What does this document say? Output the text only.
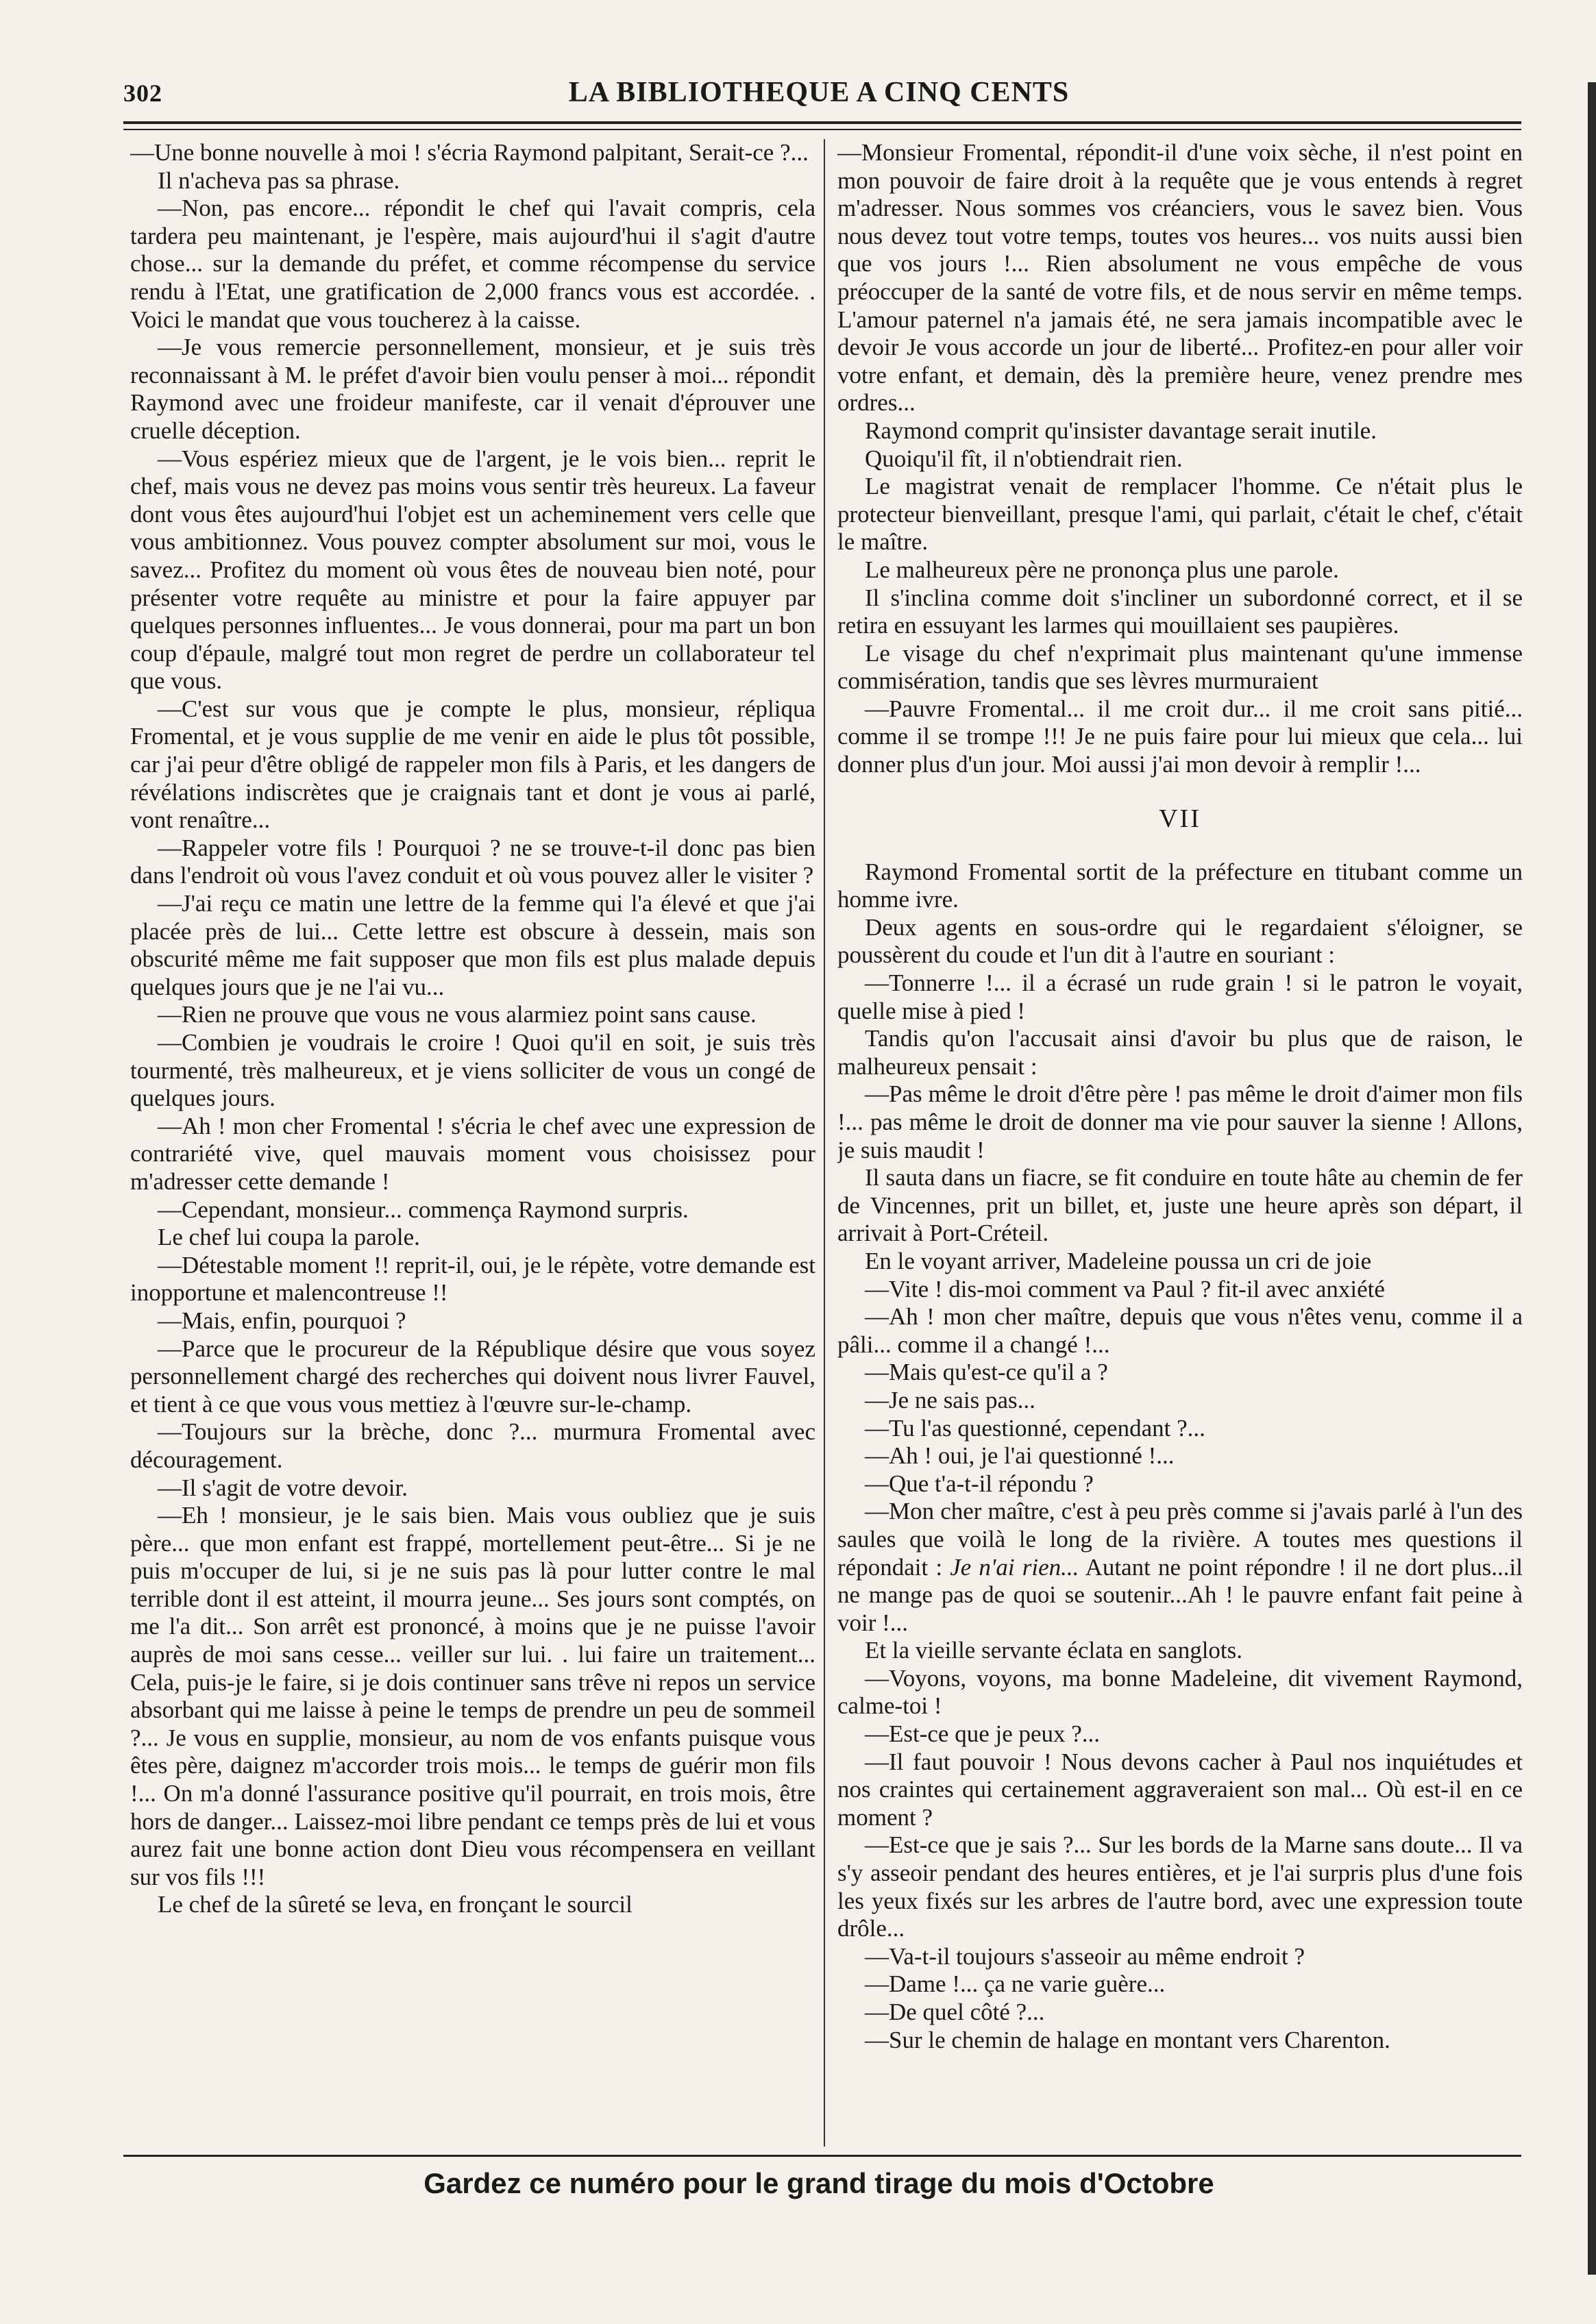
302	LA BIBLIOTHEQUE A CINQ CENTS

—Une bonne nouvelle à moi ! s'écria Raymond palpitant, Serait-ce ?...

Il n'acheva pas sa phrase.

—Non, pas encore... répondit le chef qui l'avait compris, cela tardera peu maintenant, je l'espère, mais aujourd'hui il s'agit d'autre chose... sur la demande du préfet, et comme récompense du service rendu à l'Etat, une gratification de 2,000 francs vous est accordée. . Voici le mandat que vous toucherez à la caisse.

—Je vous remercie personnellement, monsieur, et je suis très reconnaissant à M. le préfet d'avoir bien voulu penser à moi... répondit Raymond avec une froideur manifeste, car il venait d'éprouver une cruelle déception.

—Vous espériez mieux que de l'argent, je le vois bien... reprit le chef, mais vous ne devez pas moins vous sentir très heureux. La faveur dont vous êtes aujourd'hui l'objet est un acheminement vers celle que vous ambitionnez. Vous pouvez compter absolument sur moi, vous le savez... Profitez du moment où vous êtes de nouveau bien noté, pour présenter votre requête au ministre et pour la faire appuyer par quelques personnes influentes... Je vous donnerai, pour ma part un bon coup d'épaule, malgré tout mon regret de perdre un collaborateur tel que vous.

—C'est sur vous que je compte le plus, monsieur, répliqua Fromental, et je vous supplie de me venir en aide le plus tôt possible, car j'ai peur d'être obligé de rappeler mon fils à Paris, et les dangers de révélations indiscrètes que je craignais tant et dont je vous ai parlé, vont renaître...

—Rappeler votre fils ! Pourquoi ? ne se trouve-t-il donc pas bien dans l'endroit où vous l'avez conduit et où vous pouvez aller le visiter ?

—J'ai reçu ce matin une lettre de la femme qui l'a élevé et que j'ai placée près de lui... Cette lettre est obscure à dessein, mais son obscurité même me fait supposer que mon fils est plus malade depuis quelques jours que je ne l'ai vu...

—Rien ne prouve que vous ne vous alarmiez point sans cause.

—Combien je voudrais le croire ! Quoi qu'il en soit, je suis très tourmenté, très malheureux, et je viens solliciter de vous un congé de quelques jours.

—Ah ! mon cher Fromental ! s'écria le chef avec une expression de contrariété vive, quel mauvais moment vous choisissez pour m'adresser cette demande !

—Cependant, monsieur... commença Raymond surpris.

Le chef lui coupa la parole.

—Détestable moment !! reprit-il, oui, je le répète, votre demande est inopportune et malencontreuse !!

—Mais, enfin, pourquoi ?

—Parce que le procureur de la République désire que vous soyez personnellement chargé des recherches qui doivent nous livrer Fauvel, et tient à ce que vous vous mettiez à l'œuvre sur-le-champ.

—Toujours sur la brèche, donc ?... murmura Fromental avec découragement.

—Il s'agit de votre devoir.

—Eh ! monsieur, je le sais bien. Mais vous oubliez que je suis père... que mon enfant est frappé, mortellement peut-être... Si je ne puis m'occuper de lui, si je ne suis pas là pour lutter contre le mal terrible dont il est atteint, il mourra jeune... Ses jours sont comptés, on me l'a dit... Son arrêt est prononcé, à moins que je ne puisse l'avoir auprès de moi sans cesse... veiller sur lui. . lui faire un traitement... Cela, puis-je le faire, si je dois continuer sans trêve ni repos un service absorbant qui me laisse à peine le temps de prendre un peu de sommeil ?... Je vous en supplie, monsieur, au nom de vos enfants puisque vous êtes père, daignez m'accorder trois mois... le temps de guérir mon fils !... On m'a donné l'assurance positive qu'il pourrait, en trois mois, être hors de danger... Laissez-moi libre pendant ce temps près de lui et vous aurez fait une bonne action dont Dieu vous récompensera en veillant sur vos fils !!!

Le chef de la sûreté se leva, en fronçant le sourcil

—Monsieur Fromental, répondit-il d'une voix sèche, il n'est point en mon pouvoir de faire droit à la requête que je vous entends à regret m'adresser. Nous sommes vos créanciers, vous le savez bien. Vous nous devez tout votre temps, toutes vos heures... vos nuits aussi bien que vos jours !... Rien absolument ne vous empêche de vous préoccuper de la santé de votre fils, et de nous servir en même temps. L'amour paternel n'a jamais été, ne sera jamais incompatible avec le devoir Je vous accorde un jour de liberté... Profitez-en pour aller voir votre enfant, et demain, dès la première heure, venez prendre mes ordres...

Raymond comprit qu'insister davantage serait inutile.

Quoiqu'il fît, il n'obtiendrait rien.

Le magistrat venait de remplacer l'homme. Ce n'était plus le protecteur bienveillant, presque l'ami, qui parlait, c'était le chef, c'était le maître.

Le malheureux père ne prononça plus une parole.

Il s'inclina comme doit s'incliner un subordonné correct, et il se retira en essuyant les larmes qui mouillaient ses paupières.

Le visage du chef n'exprimait plus maintenant qu'une immense commisération, tandis que ses lèvres murmuraient

—Pauvre Fromental... il me croit dur... il me croit sans pitié... comme il se trompe !!! Je ne puis faire pour lui mieux que cela... lui donner plus d'un jour. Moi aussi j'ai mon devoir à remplir !...

VII

Raymond Fromental sortit de la préfecture en titubant comme un homme ivre.

Deux agents en sous-ordre qui le regardaient s'éloigner, se poussèrent du coude et l'un dit à l'autre en souriant :

—Tonnerre !... il a écrasé un rude grain ! si le patron le voyait, quelle mise à pied !

Tandis qu'on l'accusait ainsi d'avoir bu plus que de raison, le malheureux pensait :

—Pas même le droit d'être père ! pas même le droit d'aimer mon fils !... pas même le droit de donner ma vie pour sauver la sienne ! Allons, je suis maudit !

Il sauta dans un fiacre, se fit conduire en toute hâte au chemin de fer de Vincennes, prit un billet, et, juste une heure après son départ, il arrivait à Port-Créteil.

En le voyant arriver, Madeleine poussa un cri de joie

—Vite ! dis-moi comment va Paul ? fit-il avec anxiété

—Ah ! mon cher maître, depuis que vous n'êtes venu, comme il a pâli... comme il a changé !...

—Mais qu'est-ce qu'il a ?

—Je ne sais pas...

—Tu l'as questionné, cependant ?...

—Ah ! oui, je l'ai questionné !...

—Que t'a-t-il répondu ?

—Mon cher maître, c'est à peu près comme si j'avais parlé à l'un des saules que voilà le long de la rivière. A toutes mes questions il répondait : Je n'ai rien... Autant ne point répondre ! il ne dort plus...il ne mange pas de quoi se soutenir...Ah ! le pauvre enfant fait peine à voir !...

Et la vieille servante éclata en sanglots.

—Voyons, voyons, ma bonne Madeleine, dit vivement Raymond, calme-toi !

—Est-ce que je peux ?...

—Il faut pouvoir ! Nous devons cacher à Paul nos inquiétudes et nos craintes qui certainement aggraveraient son mal... Où est-il en ce moment ?

—Est-ce que je sais ?... Sur les bords de la Marne sans doute... Il va s'y asseoir pendant des heures entières, et je l'ai surpris plus d'une fois les yeux fixés sur les arbres de l'autre bord, avec une expression toute drôle...

—Va-t-il toujours s'asseoir au même endroit ?

—Dame !... ça ne varie guère...

—De quel côté ?...

—Sur le chemin de halage en montant vers Charenton.

Gardez ce numéro pour le grand tirage du mois d'Octobre
